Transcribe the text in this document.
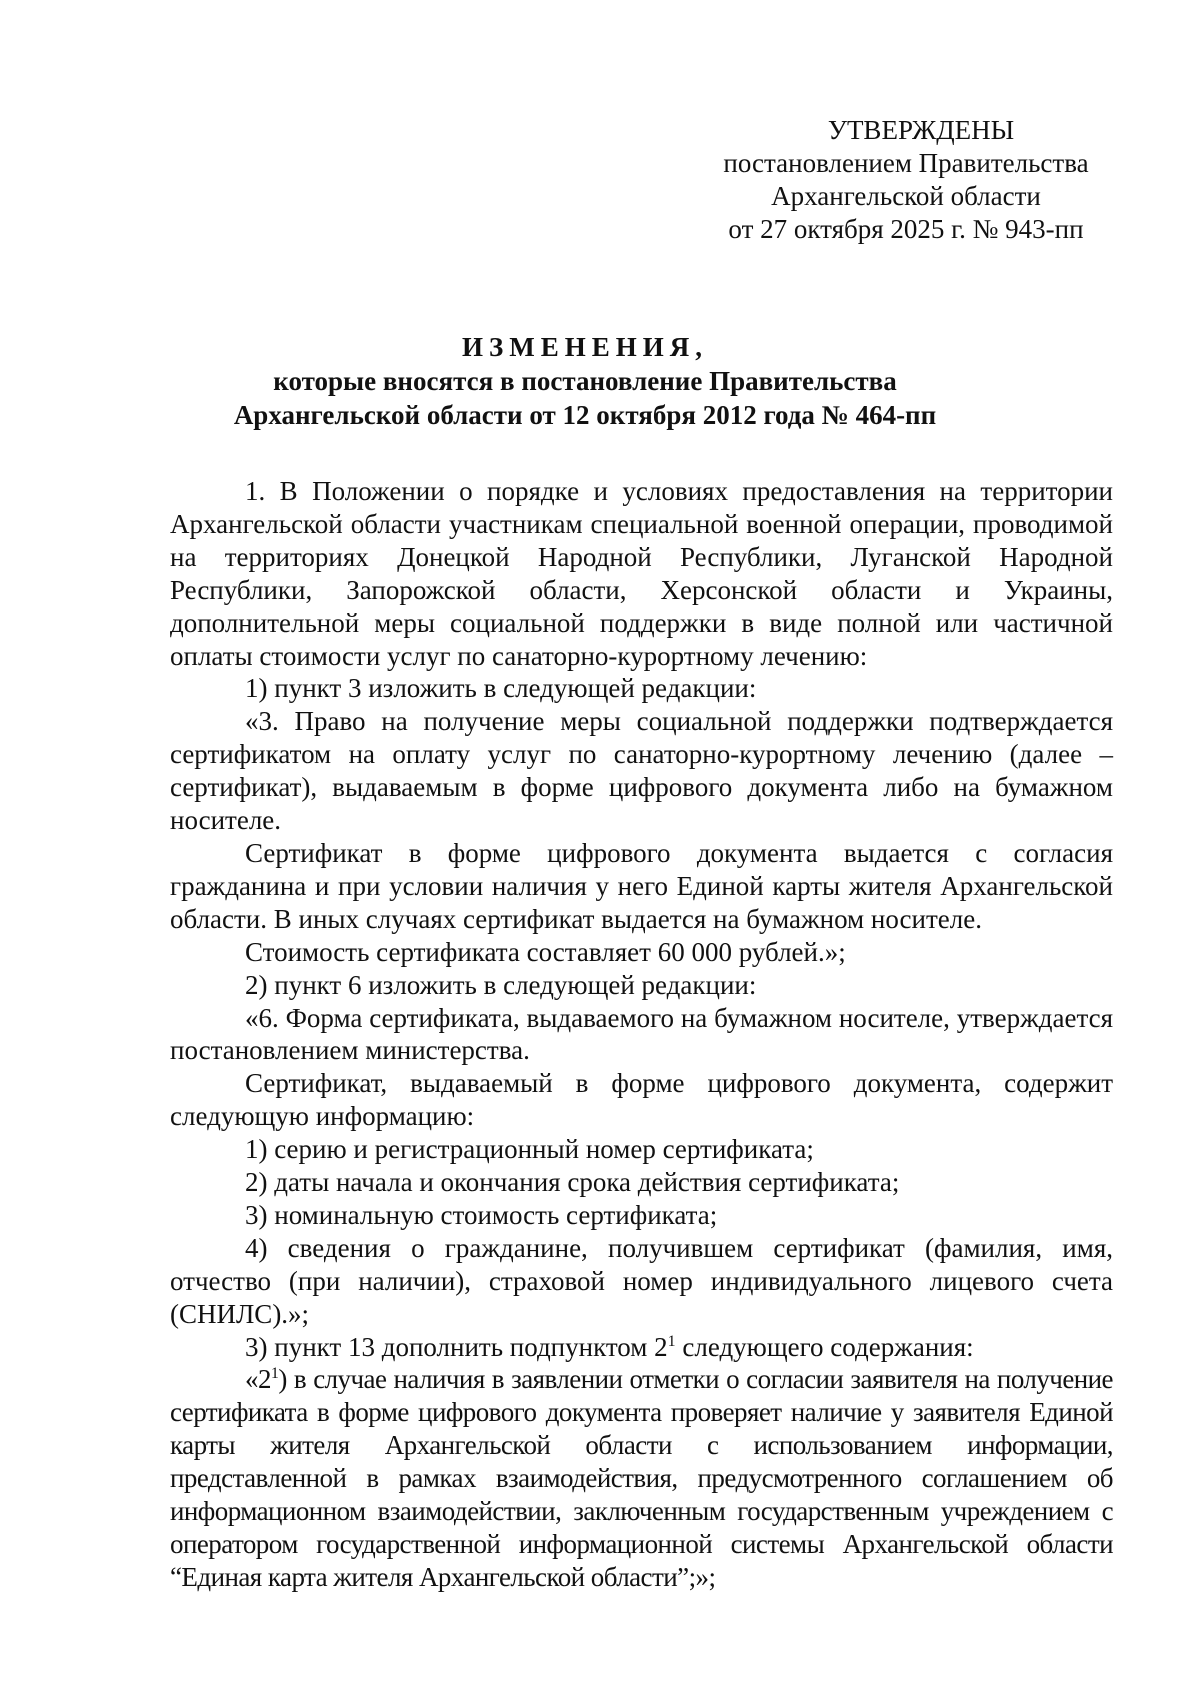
УТВЕРЖДЕНЫ
постановлением Правительства
Архангельской области
от 27 октября 2025 г. № 943-пп
ИЗМЕНЕНИЯ,
которые вносятся в постановление Правительства
Архангельской области от 12 октября 2012 года № 464-пп

1. В Положении о порядке и условиях предоставления на территории Архангельской области участникам специальной военной операции, проводимой на территориях Донецкой Народной Республики, Луганской Народной Республики, Запорожской области, Херсонской области и Украины, дополнительной меры социальной поддержки в виде полной или частичной оплаты стоимости услуг по санаторно-курортному лечению:

1) пункт 3 изложить в следующей редакции:

«3. Право на получение меры социальной поддержки подтверждается сертификатом на оплату услуг по санаторно-курортному лечению (далее – сертификат), выдаваемым в форме цифрового документа либо на бумажном носителе.

Сертификат в форме цифрового документа выдается с согласия гражданина и при условии наличия у него Единой карты жителя Архангельской области. В иных случаях сертификат выдается на бумажном носителе.

Стоимость сертификата составляет 60 000 рублей.»;

2) пункт 6 изложить в следующей редакции:

«6. Форма сертификата, выдаваемого на бумажном носителе, утверждается постановлением министерства.

Сертификат, выдаваемый в форме цифрового документа, содержит следующую информацию:

1) серию и регистрационный номер сертификата;

2) даты начала и окончания срока действия сертификата;

3) номинальную стоимость сертификата;

4) сведения о гражданине, получившем сертификат (фамилия, имя, отчество (при наличии), страховой номер индивидуального лицевого счета (СНИЛС).»;

3) пункт 13 дополнить подпунктом $2^1$ следующего содержания:

«$2^1$) в случае наличия в заявлении отметки о согласии заявителя на получение сертификата в форме цифрового документа проверяет наличие у заявителя Единой карты жителя Архангельской области с использованием информации, представленной в рамках взаимодействия, предусмотренного соглашением об информационном взаимодействии, заключенным государственным учреждением с оператором государственной информационной системы Архангельской области “Единая карта жителя Архангельской области”;»;
